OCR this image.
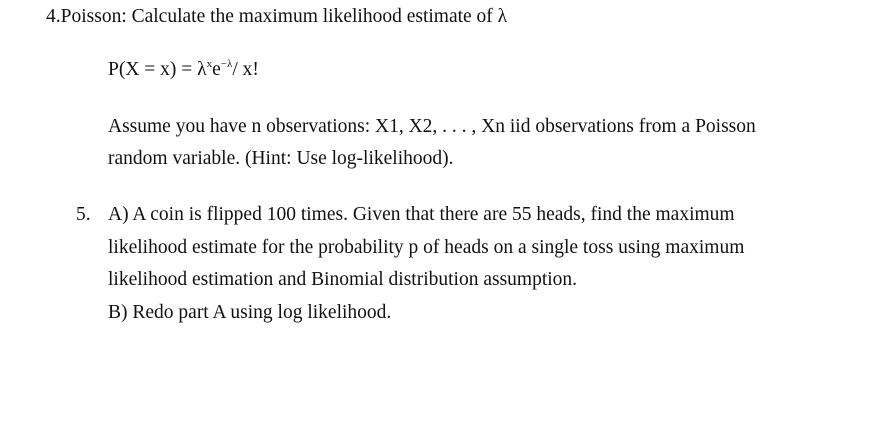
4.Poisson: Calculate the maximum likelihood estimate of λ
$P(X = x) = \lambda^xe^{-\lambda}/$ x!
Assume you have n observations: X1, X2, . . . , Xn iid observations from a Poisson
random variable. (Hint: Use log-likelihood).
5. A) A coin is flipped 100 times. Given that there are 55 heads, find the maximum
likelihood estimate for the probability p of heads on a single toss using maximum
likelihood estimation and Binomial distribution assumption.
B) Redo part A using log likelihood.
